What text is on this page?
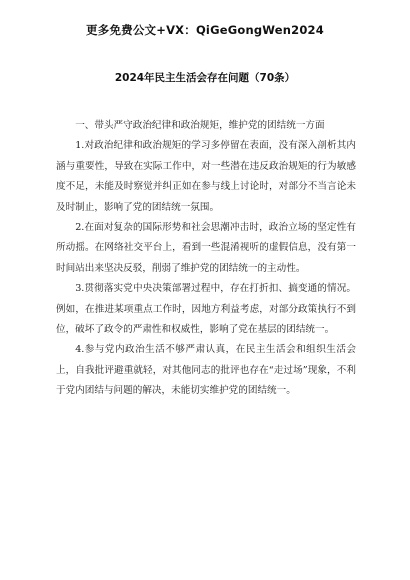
更多免费公文+VX：QiGeGongWen2024
2024年民主生活会存在问题（70条）

一、带头严守政治纪律和政治规矩，维护党的团结统一方面

1.对政治纪律和政治规矩的学习多停留在表面，没有深入剖析其内涵与重要性，导致在实际工作中，对一些潜在违反政治规矩的行为敏感度不足，未能及时察觉并纠正如在参与线上讨论时，对部分不当言论未及时制止，影响了党的团结统一氛围。

2.在面对复杂的国际形势和社会思潮冲击时，政治立场的坚定性有所动摇。在网络社交平台上，看到一些混淆视听的虚假信息，没有第一时间站出来坚决反驳，削弱了维护党的团结统一的主动性。

3.贯彻落实党中央决策部署过程中，存在打折扣、搞变通的情况。例如，在推进某项重点工作时，因地方利益考虑，对部分政策执行不到位，破坏了政令的严肃性和权威性，影响了党在基层的团结统一。

4.参与党内政治生活不够严肃认真，在民主生活会和组织生活会上，自我批评避重就轻，对其他同志的批评也存在“走过场”现象，不利于党内团结与问题的解决，未能切实维护党的团结统一。
